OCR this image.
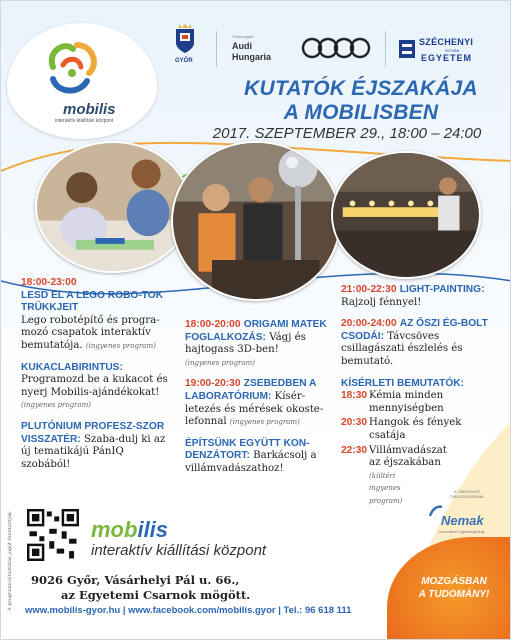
mobilis
interaktív kiállítási központ
GYŐR
Főtámogató
Audi
Hungaria
SZÉCHENYI
ISTVÁN
EGYETEM
KUTATÓK ÉJSZAKÁJA
A MOBILISBEN
2017. SZEPTEMBER 29., 18:00 – 24:00
18:00-23:00
LESD EL A LEGO ROBO-TOK TRÜKKJEIT
Lego robotépítő és progra-mozó csapatok interaktív bemutatója. (ingyenes program)
KUKACLABIRINTUS:
Programozd be a kukacot és nyerj Mobilis-ajándékokat!
(ingyenes program)
PLUTÓNIUM PROFESZ-SZOR VISSZATÉR: Szaba-dulj ki az új tematikájú PánIQ szobából!
18:00-20:00 ORIGAMI MATEK FOGLALKOZÁS: Vágj és hajtogass 3D-ben!
(ingyenes program)
19:00-20:30 ZSEBEDBEN A LABORATÓRIUM: Kísér-letezés és mérések okoste-lefonnal (ingyenes program)
ÉPÍTSÜNK EGYÜTT KON-DENZÁTORT: Barkácsolj a villámvadászathoz!
21:00-22:30 LIGHT-PAINTING: Rajzolj fénnyel!
20:00-24:00 AZ ŐSZI ÉG-BOLT CSODÁI: Távcsöves csillagászati észlelés és bemutató.
KÍSÉRLETI BEMUTATÓK:
18:30 Kémia minden mennyiségben
20:30 Hangok és fények csatája
22:30 Villámvadászat az éjszakában
(kültéri ingyenes program)
A TÁMOGATÓ TÁMOGATÁSÁVAL
Nemak
Innovative Lightweighting
mobilis
interaktív kiállítási központ
9026 Győr, Vásárhelyi Pál u. 66.,
az Egyetemi Csarnok mögött.
www.mobilis-gyor.hu | www.facebook.com/mobilis.gyor | Tel.: 96 618 111
A programváltoztatás jogát fenntartjuk.	MOZGÁSBAN
A TUDOMÁNY!
